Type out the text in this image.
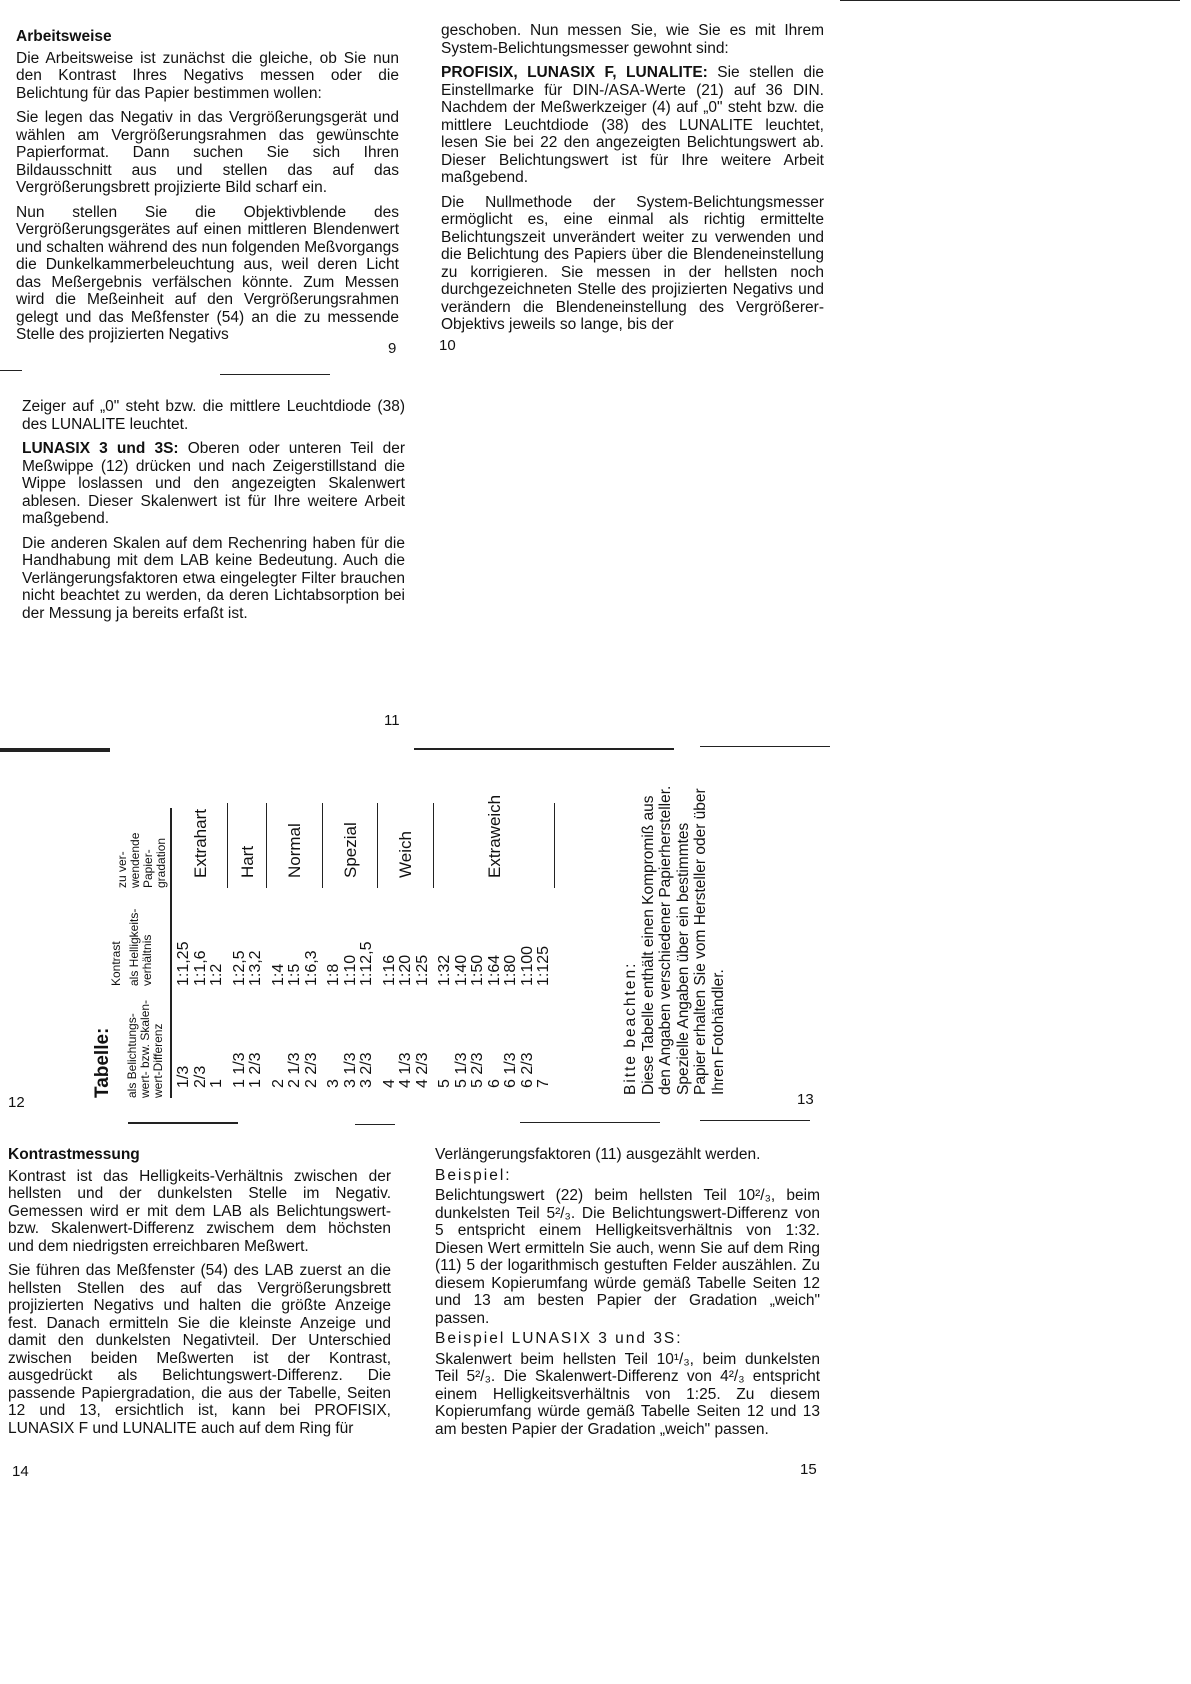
Arbeitsweise

Die Arbeitsweise ist zunächst die gleiche, ob Sie nun den Kontrast Ihres Negativs messen oder die Belichtung für das Papier bestimmen wollen:

Sie legen das Negativ in das Vergrößerungsgerät und wählen am Vergrößerungsrahmen das gewünschte Papierformat. Dann suchen Sie sich Ihren Bildausschnitt aus und stellen das auf das Vergrößerungsbrett projizierte Bild scharf ein.

Nun stellen Sie die Objektivblende des Vergrößerungsgerätes auf einen mittleren Blendenwert und schalten während des nun folgenden Meßvorgangs die Dunkelkammerbeleuchtung aus, weil deren Licht das Meßergebnis verfälschen könnte. Zum Messen wird die Meßeinheit auf den Vergrößerungsrahmen gelegt und das Meßfenster (54) an die zu messende Stelle des projizierten Negativs

9

geschoben. Nun messen Sie, wie Sie es mit Ihrem System-Belichtungsmesser gewohnt sind:

PROFISIX, LUNASIX F, LUNALITE: Sie stellen die Einstellmarke für DIN-/ASA-Werte (21) auf 36 DIN. Nachdem der Meßwerkzeiger (4) auf „0" steht bzw. die mittlere Leuchtdiode (38) des LUNALITE leuchtet, lesen Sie bei 22 den angezeigten Belichtungswert ab. Dieser Belichtungswert ist für Ihre weitere Arbeit maßgebend.

Die Nullmethode der System-Belichtungsmesser ermöglicht es, eine einmal als richtig ermittelte Belichtungszeit unverändert weiter zu verwenden und die Belichtung des Papiers über die Blendeneinstellung zu korrigieren. Sie messen in der hellsten noch durchgezeichneten Stelle des projizierten Negativs und verändern die Blendeneinstellung des Vergrößerer-Objektivs jeweils so lange, bis der

10

Zeiger auf „0" steht bzw. die mittlere Leuchtdiode (38) des LUNALITE leuchtet.

LUNASIX 3 und 3S: Oberen oder unteren Teil der Meßwippe (12) drücken und nach Zeigerstillstand die Wippe loslassen und den angezeigten Skalenwert ablesen. Dieser Skalenwert ist für Ihre weitere Arbeit maßgebend.

Die anderen Skalen auf dem Rechenring haben für die Handhabung mit dem LAB keine Bedeutung. Auch die Verlängerungsfaktoren etwa eingelegter Filter brauchen nicht beachtet zu werden, da deren Lichtabsorption bei der Messung ja bereits erfaßt ist.

11
Tabelle:
Kontrast
als Belichtungs-wert- bzw. Skalen-wert-Differenz
als Helligkeits-verhältnis
zu ver-wendende Papier-gradation
1/3
1:1,25
2/3
1:1,6
1
1:2
1 1/3
1:2,5
1 2/3
1:3,2
2
1:4
2 1/3
1:5
2 2/3
1:6,3
3
1:8
3 1/3
1:10
3 2/3
1:12,5
4
1:16
4 1/3
1:20
4 2/3
1:25
5
1:32
5 1/3
1:40
5 2/3
1:50
6
1:64
6 1/3
1:80
6 2/3
1:100
7
1:125
Extrahart Hart Normal Spezial Weich	Extraweich
Bitte beachten: Diese Tabelle enthält einen Kompromiß aus den Angaben verschiedener Papierhersteller. Spezielle Angaben über ein bestimmtes Papier erhalten Sie vom Hersteller oder über Ihren Fotohändler.
12	13
Kontrastmessung

Kontrast ist das Helligkeits-Verhältnis zwischen der hellsten und der dunkelsten Stelle im Negativ. Gemessen wird er mit dem LAB als Belichtungswert- bzw. Skalenwert-Differenz zwischem dem höchsten und dem niedrigsten erreichbaren Meßwert.

Sie führen das Meßfenster (54) des LAB zuerst an die hellsten Stellen des auf das Vergrößerungsbrett projizierten Negativs und halten die größte Anzeige fest. Danach ermitteln Sie die kleinste Anzeige und damit den dunkelsten Negativteil. Der Unterschied zwischen beiden Meßwerten ist der Kontrast, ausgedrückt als Belichtungswert-Differenz. Die passende Papiergradation, die aus der Tabelle, Seiten 12 und 13, ersichtlich ist, kann bei PROFISIX, LUNASIX F und LUNALITE auch auf dem Ring für

14

Verlängerungsfaktoren (11) ausgezählt werden.

Beispiel:

Belichtungswert (22) beim hellsten Teil 10²/₃, beim dunkelsten Teil 5²/₃. Die Belichtungswert-Differenz von 5 entspricht einem Helligkeitsverhältnis von 1:32. Diesen Wert ermitteln Sie auch, wenn Sie auf dem Ring (11) 5 der logarithmisch gestuften Felder auszählen. Zu diesem Kopierumfang würde gemäß Tabelle Seiten 12 und 13 am besten Papier der Gradation „weich" passen.

Beispiel LUNASIX 3 und 3S:

Skalenwert beim hellsten Teil 10¹/₃, beim dunkelsten Teil 5²/₃. Die Skalenwert-Differenz von 4²/₃ entspricht einem Helligkeitsverhältnis von 1:25. Zu diesem Kopierumfang würde gemäß Tabelle Seiten 12 und 13 am besten Papier der Gradation „weich" passen.

15
